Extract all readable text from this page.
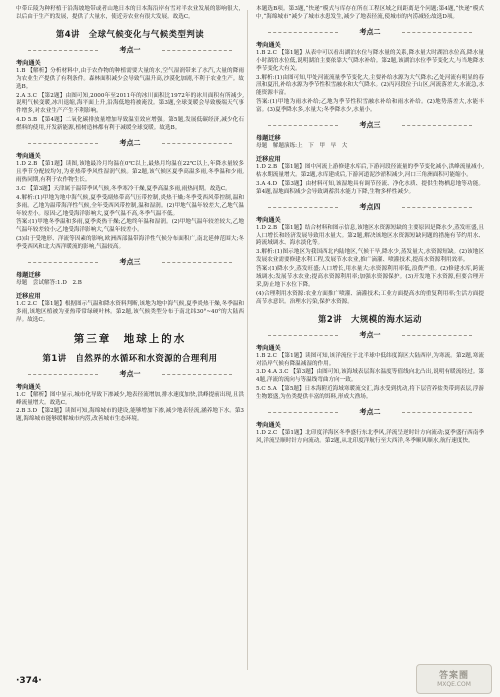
中带丘陵为种籽植于沿海坡地带或者山地日本的日本海沿岸有雪对半农业发展的影响很大，以后由于生产的发展，提供了大量水，使近旁农业有很大发展。故选C。

第4讲　全球气候变化与气候类型判读
考点一
考向通关

1.B 【解析】分析材料中,由于农作物的种植需要大量的水,空气湿润带来了水汽,大量的降雨为农业生产提供了有利条件。森林面积减少会导致气温升高,沙漠化加剧,不利于农业生产。故选B。

2.A 3.C 【第2题】由图可知,2000年至2011年的冰川面积比1972年的冰川面积有所减少,说明气候变暖,冰川退缩,海平面上升,沿海低地将被淹没。第3题,全球变暖会导致极端天气事件增多,对农业生产产生不利影响。

4.D 5.B 【第4题】二氧化碳排放量增加导致温室效应增强。第5题,发展低碳经济,减少化石燃料的使用,开发新能源,植树造林都有利于减缓全球变暖。故选B。

考点二
考向通关

1.D 2.B 【第1题】读图,该地最冷月均温在0℃以上,最热月均温在22℃以上,年降水量较多且季节分配较均匀,为亚热带季风性湿润气候。第2题,该气候区夏季高温多雨,冬季温和少雨,雨热同期,有利于农作物生长。

3.C 【第3题】天津属于温带季风气候,冬季寒冷干燥,夏季高温多雨,雨热同期。故选C。

4.解析:(1)甲地为地中海气候,夏季受副热带高气压带控制,炎热干燥;冬季受西风带控制,温和多雨。乙地为温带海洋性气候,全年受西风带控制,温和湿润。(2)甲地气温年较差大,乙地气温年较差小。原因:乙地受海洋影响大,夏季气温不高,冬季气温不低。

答案:(1)甲地冬季温和多雨,夏季炎热干燥;乙地终年温和湿润。(2)甲地气温年较差较大,乙地气温年较差较小;乙地受海洋影响大,气温年较差小。

(3)由于受地形、洋流等因素的影响,欧洲西部温带海洋性气候分布面积广,南北延伸范围大;冬季受西风和北大西洋暖流的影响,气温较高。

考点三
母题迁移

母题　尝试解答:1.D　2.B

迁移应用

1.C 2.C 【第1题】根据图示气温和降水资料判断,该地为地中海气候,夏季炎热干燥,冬季温和多雨,该地区植被为亚热带常绿硬叶林。第2题,该气候类型分布于南北纬30°~40°的大陆西岸。故选C。

第三章　地球上的水
第1讲　自然界的水循环和水资源的合理利用
考点一
考向通关

1.C 【解析】图中显示,城市化导致下渗减少,地表径流增加,排水速度加快,洪峰提前出现,且洪峰流量增大。故选C。

2.B 3.D 【第2题】读图可知,海绵城市的建设,能够增加下渗,减少地表径流,涵养地下水。第3题,海绵城市能够缓解城市内涝,改善城市生态环境。

本题选B项。第3题,“快递”模式与库存在所在工程区域之间距离是个问题;第4题,“快递”模式中,“海绵城市”减少了城市水患发生,减少了地表径流,使城市的内涝减轻;故选D项。

考点二
考向通关

1.B 2.C 【第1题】从表中可以看出湖泊水位与降水量的关系,降水量大时湖泊水位高,降水量小时湖泊水位低,说明湖泊主要依靠大气降水补给。第2题,该湖泊水位季节变化大,与当地降水季节变化大有关。

3.解析:(1)由图可知,甲处河流流量季节变化大,主要补给水源为大气降水;乙处河流有明显的春汛和夏汛,补给水源为季节性积雪融水和大气降水。(2)丙河段位于山区,河流落差大,水流急,水能资源丰富。

答案:(1)甲地为雨水补给;乙地为季节性积雪融水补给和雨水补给。(2)地势落差大,水能丰富。(3)夏季降水多,水量大;冬季降水少,水量小。

考点三
母题迁移

母题　解题演练:上　下　甲　早　大

迁移应用

1.D 2.B 【第1题】图中河流上游修建水库后,下游河段径流量的季节变化减小,洪峰流量减小,枯水期流量增大。第2题,水库建成后,下游河道泥沙淤积减少,河口三角洲面积可能缩小。

3.A 4.D 【第3题】由材料可知,该湿地具有调节径流、净化水质、提供生物栖息地等功能。第4题,湿地面积减少会导致调蓄洪水能力下降,生物多样性减少。

考点四
考向通关

1.D 2.B 【第1题】结合材料和图示信息,该地区水资源短缺的主要原因是降水少,蒸发旺盛,且人口增长和经济发展导致用水量大。第2题,解决该地区水资源短缺问题的措施有节约用水、跨流域调水、海水淡化等。

3.解析:(1)图示地区为我国西北内陆地区,气候干旱,降水少,蒸发量大,水资源短缺。(2)该地区发展农业需要修建水利工程,发展节水农业,推广滴灌、喷灌技术,提高水资源利用效率。

答案:(1)降水少,蒸发旺盛;人口增长,用水量大;水资源利用率低,浪费严重。(2)修建水库,跨流域调水;发展节水农业;提高水资源利用率;加强水资源保护。(3)开发地下水资源,但要合理开采,防止地下水位下降。

(4)合理利用水资源:农业方面推广喷灌、滴灌技术;工业方面提高水的重复利用率;生活方面提高节水意识。治理水污染,保护水资源。

第2讲　大规模的海水运动
考点一
考向通关

1.B 2.C 【第1题】读图可知,该洋流位于北半球中低纬度海区大陆西岸,为寒流。第2题,寒流对沿岸气候有降温减湿的作用。

3.D 4.A 3.C 【第3题】由图可知,该海域表层海水温度等值线向北凸出,说明有暖流经过。第4题,洋流的流向与等温线弯曲方向一致。

5.C 5.A 【第5题】日本海附近海域寒暖流交汇,海水受到扰动,将下层营养盐类带到表层,浮游生物繁盛,为鱼类提供丰富的饵料,形成大渔场。

考点二
考向通关

1.D 2.C 【第1题】北印度洋海区冬季盛行东北季风,洋流呈逆时针方向流动;夏季盛行西南季风,洋流呈顺时针方向流动。第2题,从北印度洋航行至大西洋,冬季顺风顺水,航行速度快。

·374·	答案圈
MXQE.COM
